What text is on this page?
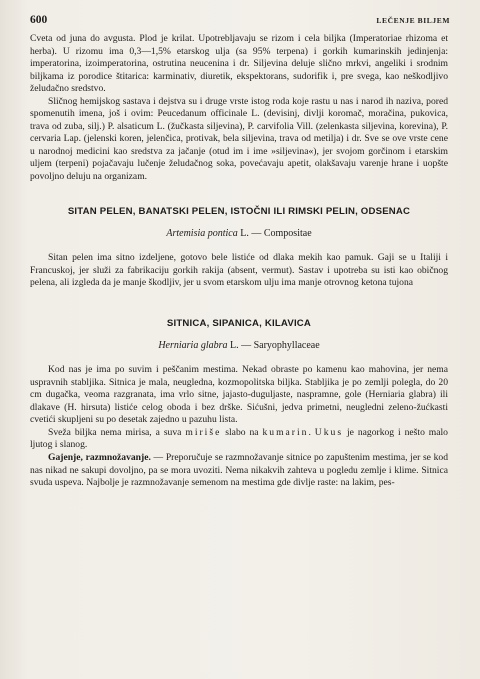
600	LEČENJE BILJEM

Cveta od juna do avgusta. Plod je krilat. Upotrebljavaju se rizom i cela biljka (Imperatoriae rhizoma et herba). U rizomu ima 0,3—1,5% etarskog ulja (sa 95% terpena) i gorkih kumarinskih jedinjenja: imperatorina, izoimperatorina, ostrutina neucenina i dr. Siljevina deluje slično mrkvi, angeliki i srodnim biljkama iz porodice štitarica: karminativ, diuretik, ekspektorans, sudorifik i, pre svega, kao neškodljivo želudačno sredstvo.

Sličnog hemijskog sastava i dejstva su i druge vrste istog roda koje rastu u nas i narod ih naziva, pored spomenutih imena, još i ovim: Peucedanum officinale L. (devisinj, divlji koromač, moračina, pukovica, trava od zuba, silj.) P. alsaticum L. (žučkasta siljevina), P. carvifolia Vill. (zelenkasta siljevina, korevina), P. cervaria Lap. (jelenski koren, jelenčica, protivak, bela siljevina, trava od metilja) i dr. Sve se ove vrste cene u narodnoj medicini kao sredstva za jačanje (otud im i ime »siljevina«), jer svojom gorčinom i etarskim uljem (terpeni) pojačavaju lučenje želudačnog soka, povećavaju apetit, olakšavaju varenje hrane i uopšte povoljno deluju na organizam.

SITAN PELEN, BANATSKI PELEN, ISTOČNI ILI RIMSKI PELIN, ODSENAC
Artemisia pontica L. — Compositae

Sitan pelen ima sitno izdeljene, gotovo bele listiće od dlaka mekih kao pamuk. Gaji se u Italiji i Francuskoj, jer služi za fabrikaciju gorkih rakija (absent, vermut). Sastav i upotreba su isti kao običnog pelena, ali izgleda da je manje škodljiv, jer u svom etarskom ulju ima manje otrovnog ketona tujona

SITNICA, SIPANICA, KILAVICA
Herniaria glabra L. — Saryophyllaceae

Kod nas je ima po suvim i peščanim mestima. Nekad obraste po kamenu kao mahovina, jer nema uspravnih stabljika. Sitnica je mala, neugledna, kozmopolitska biljka. Stabljika je po zemlji polegla, do 20 cm dugačka, veoma razgranata, ima vrlo sitne, jajasto-duguljaste, naspramne, gole (Herniaria glabra) ili dlakave (H. hirsuta) listiće celog oboda i bez drške. Sićušni, jedva primetni, neugledni zeleno-žućkasti cvetići skupljeni su po desetak zajedno u pazuhu lista.

Sveža biljka nema mirisa, a suva miriše slabo na kumarin. Ukus je nagorkog i nešto malo ljutog i slanog.

Gajenje, razmnožavanje. — Preporučuje se razmnožavanje sitnice po zapuštenim mestima, jer se kod nas nikad ne sakupi dovoljno, pa se mora uvoziti. Nema nikakvih zahteva u pogledu zemlje i klime. Sitnica svuda uspeva. Najbolje je razmnožavanje semenom na mestima gde divlje raste: na lakim, pes-
